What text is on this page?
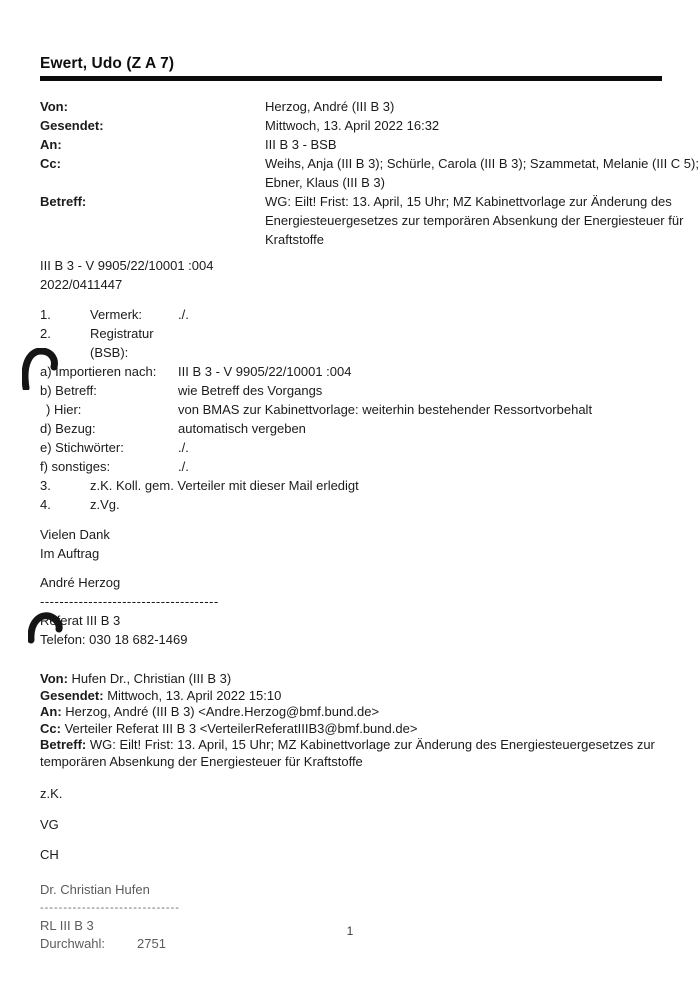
Ewert, Udo (Z A 7)
Von:	Herzog, André (III B 3)
Gesendet:	Mittwoch, 13. April 2022 16:32
An:	III B 3 - BSB
Cc:	Weihs, Anja (III B 3); Schürle, Carola (III B 3); Szammetat, Melanie (III C 5);
Ebner, Klaus (III B 3)
Betreff:	WG: Eilt! Frist: 13. April, 15 Uhr; MZ Kabinettvorlage zur Änderung des
Energiesteuergesetzes zur temporären Absenkung der Energiesteuer für
Kraftstoffe
III B 3 - V 9905/22/10001 :004
2022/0411447
1.	Vermerk:	./.
2.	Registratur (BSB):
a) Importieren nach:	III B 3 - V 9905/22/10001 :004
b) Betreff:	wie Betreff des Vorgangs
) Hier:	von BMAS zur Kabinettvorlage: weiterhin bestehender Ressortvorbehalt
d) Bezug:	automatisch vergeben
e) Stichwörter:	./.
f) sonstiges:	./.
3.	z.K. Koll. gem. Verteiler mit dieser Mail erledigt
4.	z.Vg.
Vielen Dank
Im Auftrag
André Herzog
-------------------------------------
Referat III B 3
Telefon: 030 18 682-1469
Von: Hufen Dr., Christian (III B 3)
Gesendet: Mittwoch, 13. April 2022 15:10
An: Herzog, André (III B 3) <Andre.Herzog@bmf.bund.de>
Cc: Verteiler Referat III B 3 <VerteilerReferatIIIB3@bmf.bund.de>
Betreff: WG: Eilt! Frist: 13. April, 15 Uhr; MZ Kabinettvorlage zur Änderung des Energiesteuergesetzes zur
temporären Absenkung der Energiesteuer für Kraftstoffe
z.K.
VG
CH
Dr. Christian Hufen
------------------------------
RL III B 3
Durchwahl:	2751
1
